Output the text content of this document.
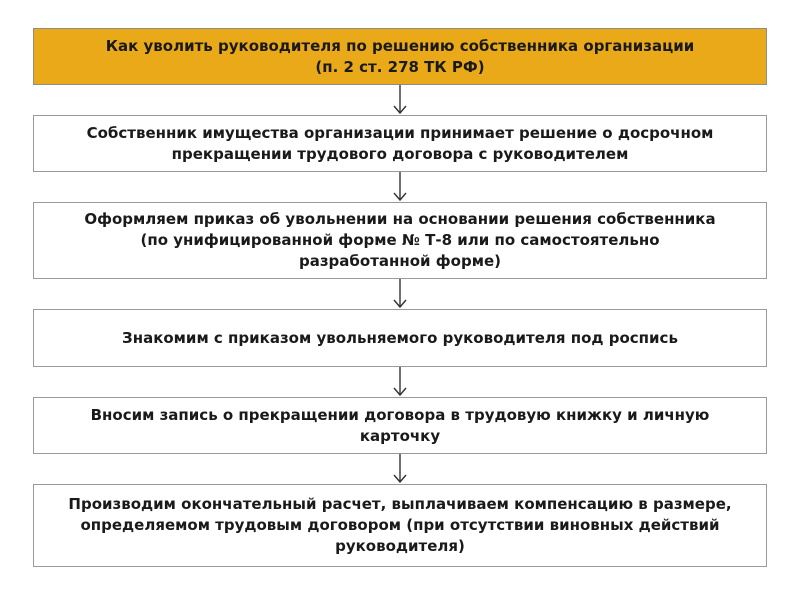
Как уволить руководителя по решению собственника организации
(п. 2 ст. 278 ТК РФ)
Собственник имущества организации принимает решение о досрочном
прекращении трудового договора с руководителем
Оформляем приказ об увольнении на основании решения собственника
(по унифицированной форме № Т-8 или по самостоятельно
разработанной форме)
Знакомим с приказом увольняемого руководителя под роспись
Вносим запись о прекращении договора в трудовую книжку и личную
карточку
Производим окончательный расчет, выплачиваем компенсацию в размере,
определяемом трудовым договором (при отсутствии виновных действий
руководителя)
